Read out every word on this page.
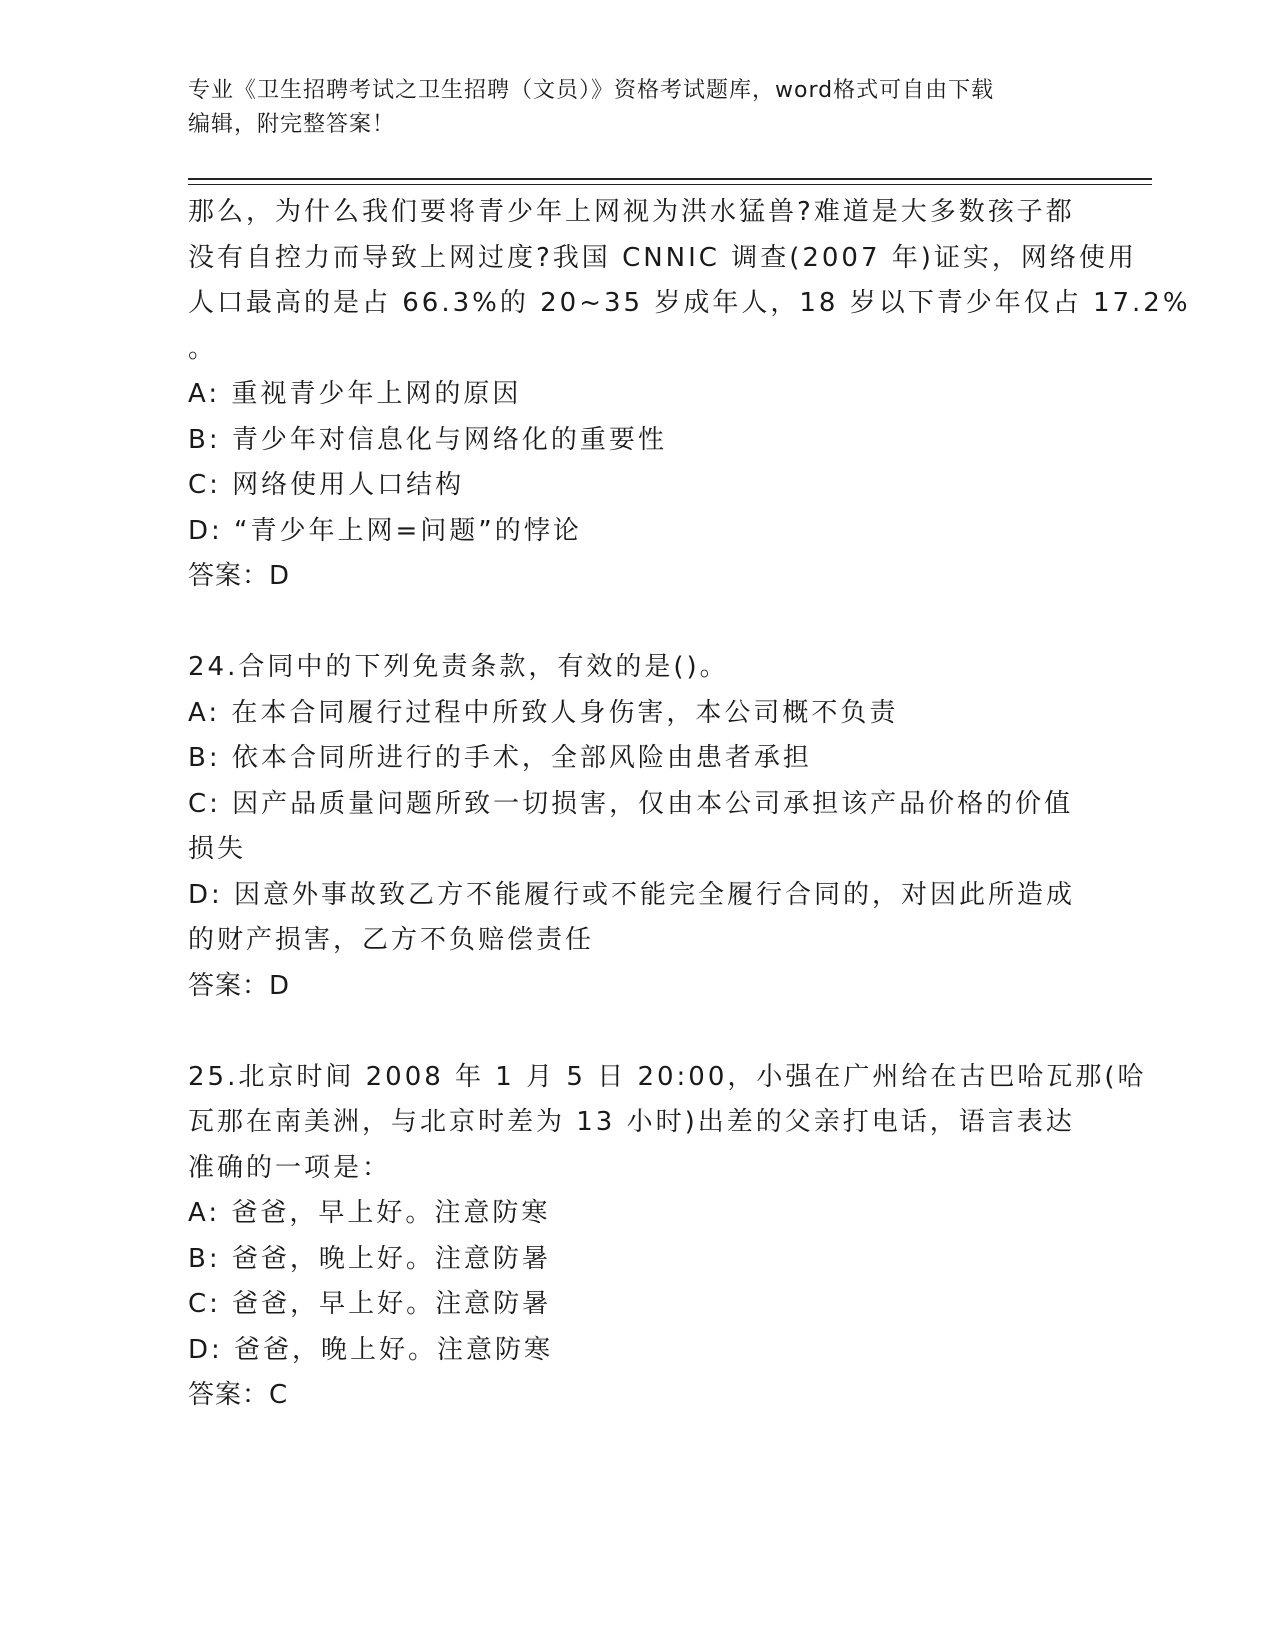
专业《卫生招聘考试之卫生招聘（文员）》资格考试题库，word格式可自由下载
编辑，附完整答案！
那么，为什么我们要将青少年上网视为洪水猛兽?难道是大多数孩子都
没有自控力而导致上网过度?我国 CNNIC 调查(2007 年)证实，网络使用
人口最高的是占 66.3%的 20~35 岁成年人，18 岁以下青少年仅占 17.2%
。
A: 重视青少年上网的原因
B: 青少年对信息化与网络化的重要性
C: 网络使用人口结构
D: “青少年上网=问题”的悖论
答案：D
24.合同中的下列免责条款，有效的是()。
A: 在本合同履行过程中所致人身伤害，本公司概不负责
B: 依本合同所进行的手术，全部风险由患者承担
C: 因产品质量问题所致一切损害，仅由本公司承担该产品价格的价值
损失
D: 因意外事故致乙方不能履行或不能完全履行合同的，对因此所造成
的财产损害，乙方不负赔偿责任
答案：D
25.北京时间 2008 年 1 月 5 日 20:00，小强在广州给在古巴哈瓦那(哈
瓦那在南美洲，与北京时差为 13 小时)出差的父亲打电话，语言表达
准确的一项是：
A: 爸爸，早上好。注意防寒
B: 爸爸，晚上好。注意防暑
C: 爸爸，早上好。注意防暑
D: 爸爸，晚上好。注意防寒
答案：C
